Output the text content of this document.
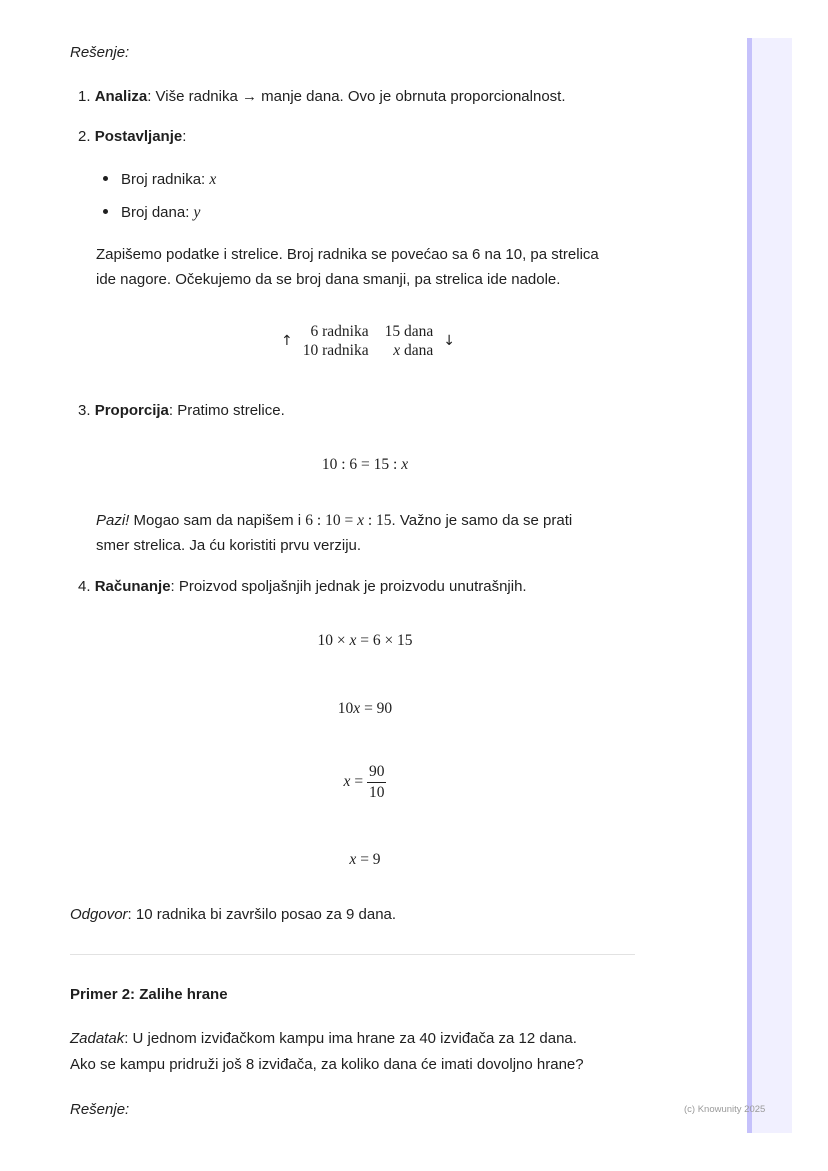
Rešenje:
1. Analiza: Više radnika → manje dana. Ovo je obrnuta proporcionalnost.
2. Postavljanje:
Broj radnika: x
Broj dana: y
Zapišemo podatke i strelice. Broj radnika se povećao sa 6 na 10, pa strelica
ide nagore. Očekujemo da se broj dana smanji, pa strelica ide nadole.
↑	6 radnika	15 dana	↓
	10 radnika	x dana	
3. Proporcija: Pratimo strelice.
10 : 6 = 15 : x
Pazi! Mogao sam da napišem i 6 : 10 = x : 15. Važno je samo da se prati
smer strelica. Ja ću koristiti prvu verziju.
4. Računanje: Proizvod spoljašnjih jednak je proizvodu unutrašnjih.
10 × x = 6 × 15
10x = 90
$x = \frac{90}{10}$
x = 9
Odgovor: 10 radnika bi završilo posao za 9 dana.
Primer 2: Zalihe hrane
Zadatak: U jednom izviđačkom kampu ima hrane za 40 izviđača za 12 dana.
Ako se kampu pridruži još 8 izviđača, za koliko dana će imati dovoljno hrane?
Rešenje:	(c) Knowunity 2025
